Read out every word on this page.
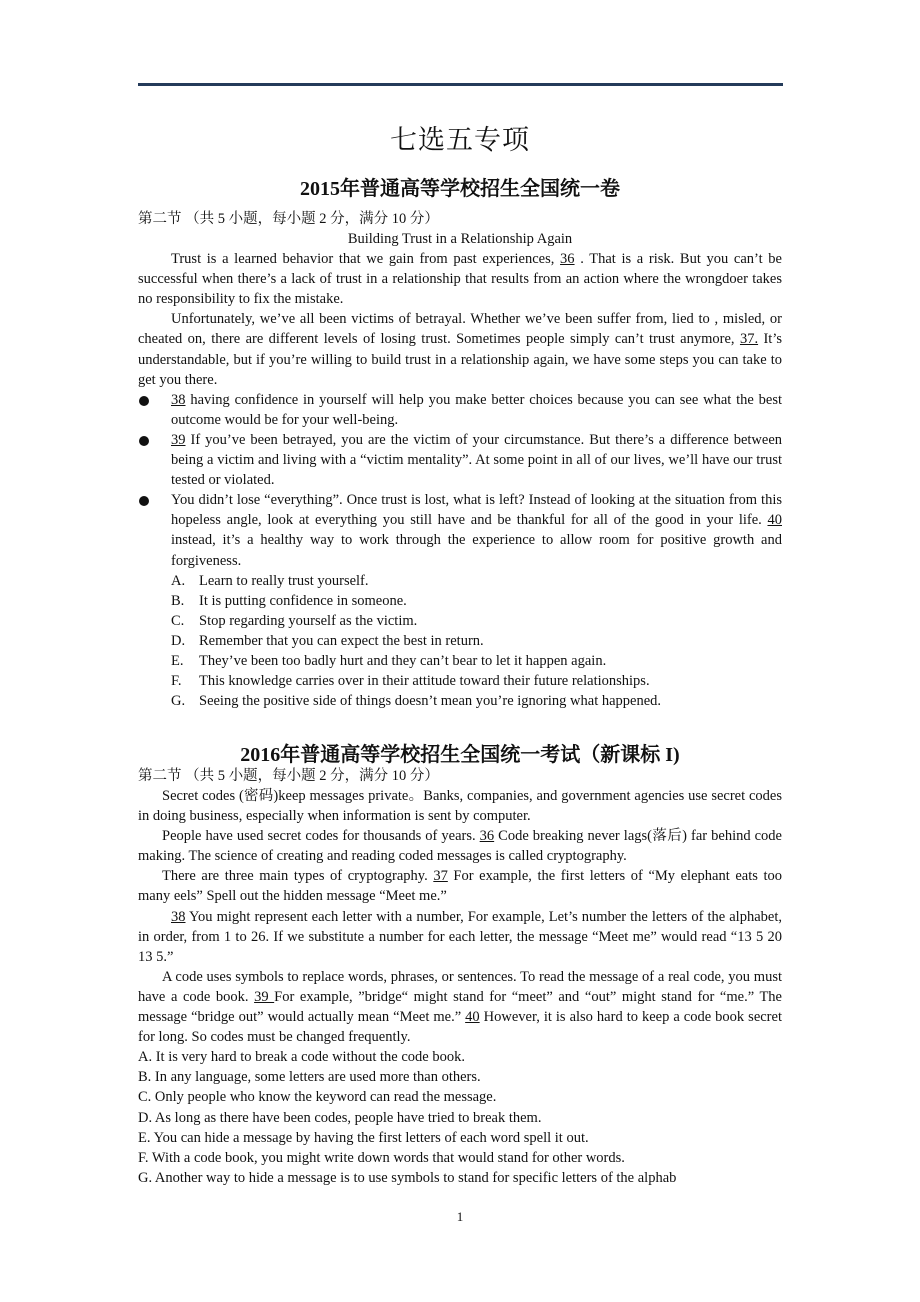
七选五专项

2015年普通高等学校招生全国统一卷

第二节 （共 5 小题，每小题 2 分，满分 10 分）

Building Trust in a Relationship Again

Trust is a learned behavior that we gain from past experiences, 36 . That is a risk. But you can’t be successful when there’s a lack of trust in a relationship that results from an action where the wrongdoer takes no responsibility to fix the mistake.

Unfortunately, we’ve all been victims of betrayal. Whether we’ve been suffer from, lied to , misled, or cheated on, there are different levels of losing trust. Sometimes people simply can’t trust anymore, 37. It’s understandable, but if you’re willing to build trust in a relationship again, we have some steps you can take to get you there.

38 having confidence in yourself will help you make better choices because you can see what the best outcome would be for your well-being.
39 If you’ve been betrayed, you are the victim of your circumstance. But there’s a difference between being a victim and living with a “victim mentality”. At some point in all of our lives, we’ll have our trust tested or violated.
You didn’t lose “everything”. Once trust is lost, what is left? Instead of looking at the situation from this hopeless angle, look at everything you still have and be thankful for all of the good in your life. 40 instead, it’s a healthy way to work through the experience to allow room for positive growth and forgiveness.
A. Learn to really trust yourself.
B.	It is putting confidence in someone.
C.	Stop regarding yourself as the victim.
D. Remember that you can expect the best in return.
E.	They’ve been too badly hurt and they can’t bear to let it happen again.
F.	This knowledge carries over in their attitude toward their future relationships.
G. Seeing the positive side of things doesn’t mean you’re ignoring what happened.

2016年普通高等学校招生全国统一考试（新课标 I)

第二节 （共 5 小题，每小题 2 分，满分 10 分）

Secret codes (密码)keep messages private。Banks, companies, and government agencies use secret codes in doing business, especially when information is sent by computer.

People have used secret codes for thousands of years. 36 Code breaking never lags(落后) far behind code making. The science of creating and reading coded messages is called cryptography.

There are three main types of cryptography. 37 For example, the first letters of “My elephant eats too many eels” Spell out the hidden message “Meet me.”

38 You might represent each letter with a number, For example, Let’s number the letters of the alphabet, in order, from 1 to 26. If we substitute a number for each letter, the message “Meet me” would read “13 5 20 13 5.”

A code uses symbols to replace words, phrases, or sentences. To read the message of a real code, you must have a code book. 39 For example, ”bridge“ might stand for “meet” and “out” might stand for “me.” The message “bridge out” would actually mean “Meet me.” 40 However, it is also hard to keep a code book secret for long. So codes must be changed frequently.

A. It is very hard to break a code without the code book.

B. In any language, some letters are used more than others.

C. Only people who know the keyword can read the message.

D. As long as there have been codes, people have tried to break them.

E. You can hide a message by having the first letters of each word spell it out.

F. With a code book, you might write down words that would stand for other words.

G. Another way to hide a message is to use symbols to stand for specific letters of the alphab

1
